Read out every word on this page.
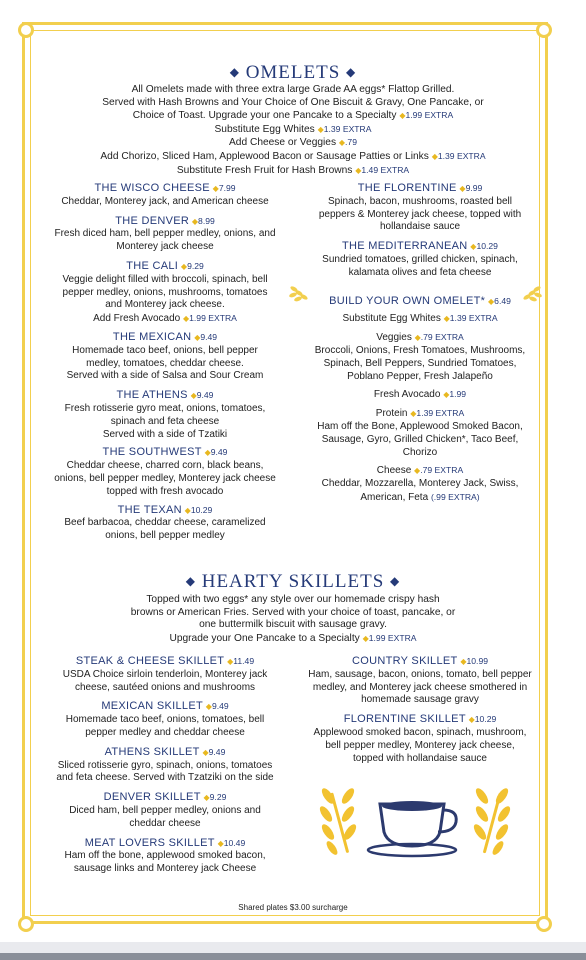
◆ OMELETS ◆
All Omelets made with three extra large Grade AA eggs* Flattop Grilled.
Served with Hash Browns and Your Choice of One Biscuit & Gravy, One Pancake, or
Choice of Toast. Upgrade your one Pancake to a Specialty ◆1.99 EXTRA
Substitute Egg Whites ◆1.39 EXTRA
Add Cheese or Veggies ◆.79
Add Chorizo, Sliced Ham, Applewood Bacon or Sausage Patties or Links ◆1.39 EXTRA
Substitute Fresh Fruit for Hash Browns ◆1.49 EXTRA
THE WISCO CHEESE ◆7.99
Cheddar, Monterey jack, and American cheese
THE DENVER ◆8.99
Fresh diced ham, bell pepper medley, onions, and
Monterey jack cheese
THE CALI ◆9.29
Veggie delight filled with broccoli, spinach, bell
pepper medley, onions, mushrooms, tomatoes
and Monterey jack cheese.
Add Fresh Avocado ◆1.99 EXTRA
THE MEXICAN ◆9.49
Homemade taco beef, onions, bell pepper
medley, tomatoes, cheddar cheese.
Served with a side of Salsa and Sour Cream
THE ATHENS ◆9.49
Fresh rotisserie gyro meat, onions, tomatoes,
spinach and feta cheese
Served with a side of Tzatiki
THE SOUTHWEST ◆9.49
Cheddar cheese, charred corn, black beans,
onions, bell pepper medley, Monterey jack cheese
topped with fresh avocado
THE TEXAN ◆10.29
Beef barbacoa, cheddar cheese, caramelized
onions, bell pepper medley
THE FLORENTINE ◆9.99
Spinach, bacon, mushrooms, roasted bell
peppers & Monterey jack cheese, topped with
hollandaise sauce
THE MEDITERRANEAN ◆10.29
Sundried tomatoes, grilled chicken, spinach,
kalamata olives and feta cheese
BUILD YOUR OWN OMELET* ◆6.49
Substitute Egg Whites ◆1.39 EXTRA
Veggies ◆.79 EXTRA
Broccoli, Onions, Fresh Tomatoes, Mushrooms,
Spinach, Bell Peppers, Sundried Tomatoes,
Poblano Pepper, Fresh Jalapeño
Fresh Avocado ◆1.99
Protein ◆1.39 EXTRA
Ham off the Bone, Applewood Smoked Bacon,
Sausage, Gyro, Grilled Chicken*, Taco Beef,
Chorizo
Cheese ◆.79 EXTRA
Cheddar, Mozzarella, Monterey Jack, Swiss,
American, Feta (.99 EXTRA)
◆ HEARTY SKILLETS ◆
Topped with two eggs* any style over our homemade crispy hash
browns or American Fries. Served with your choice of toast, pancake, or
one buttermilk biscuit with sausage gravy.
Upgrade your One Pancake to a Specialty ◆1.99 EXTRA
STEAK & CHEESE SKILLET ◆11.49
USDA Choice sirloin tenderloin, Monterey jack
cheese, sautéed onions and mushrooms
MEXICAN SKILLET ◆9.49
Homemade taco beef, onions, tomatoes, bell
pepper medley and cheddar cheese
ATHENS SKILLET ◆9.49
Sliced rotisserie gyro, spinach, onions, tomatoes
and feta cheese. Served with Tzatziki on the side
DENVER SKILLET ◆9.29
Diced ham, bell pepper medley, onions and
cheddar cheese
MEAT LOVERS SKILLET ◆10.49
Ham off the bone, applewood smoked bacon,
sausage links and Monterey jack Cheese
COUNTRY SKILLET ◆10.99
Ham, sausage, bacon, onions, tomato, bell pepper
medley, and Monterey jack cheese smothered in
homemade sausage gravy
FLORENTINE SKILLET ◆10.29
Applewood smoked bacon, spinach, mushroom,
bell pepper medley, Monterey jack cheese,
topped with hollandaise sauce
Shared plates $3.00 surcharge
